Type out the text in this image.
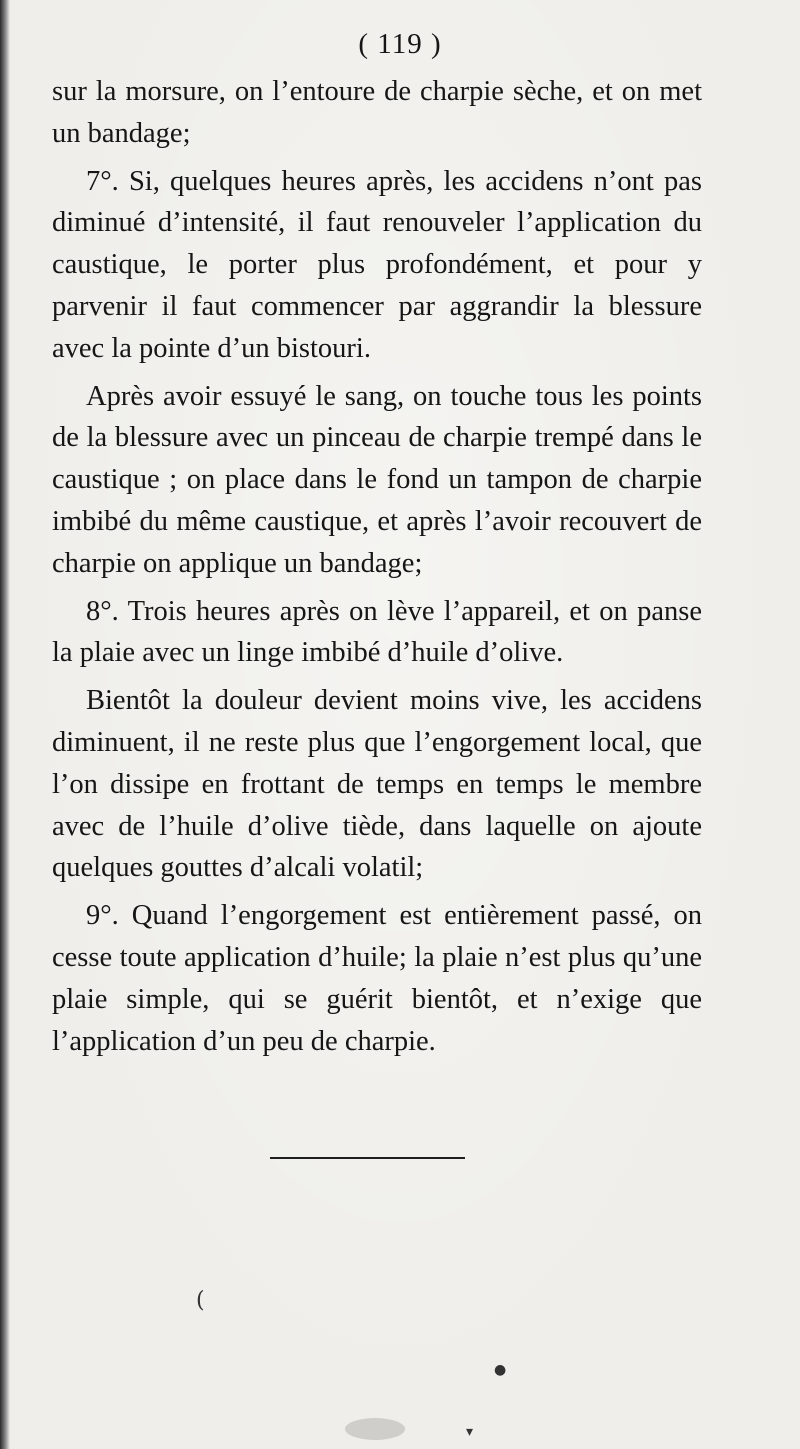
( 119 )

sur la morsure, on l’entoure de charpie sèche, et on met un bandage;

7°. Si, quelques heures après, les accidens n’ont pas diminué d’intensité, il faut renouveler l’application du caustique, le porter plus profondément, et pour y parvenir il faut commencer par aggrandir la blessure avec la pointe d’un bistouri.

Après avoir essuyé le sang, on touche tous les points de la blessure avec un pinceau de charpie trempé dans le caustique ; on place dans le fond un tampon de charpie imbibé du même caustique, et après l’avoir recouvert de charpie on applique un bandage;

8°. Trois heures après on lève l’appareil, et on panse la plaie avec un linge imbibé d’huile d’olive.

Bientôt la douleur devient moins vive, les accidens diminuent, il ne reste plus que l’engorgement local, que l’on dissipe en frottant de temps en temps le membre avec de l’huile d’olive tiède, dans laquelle on ajoute quelques gouttes d’alcali volatil;

9°. Quand l’engorgement est entièrement passé, on cesse toute application d’huile; la plaie n’est plus qu’une plaie simple, qui se guérit bientôt, et n’exige que l’application d’un peu de charpie.

(
●
▾
